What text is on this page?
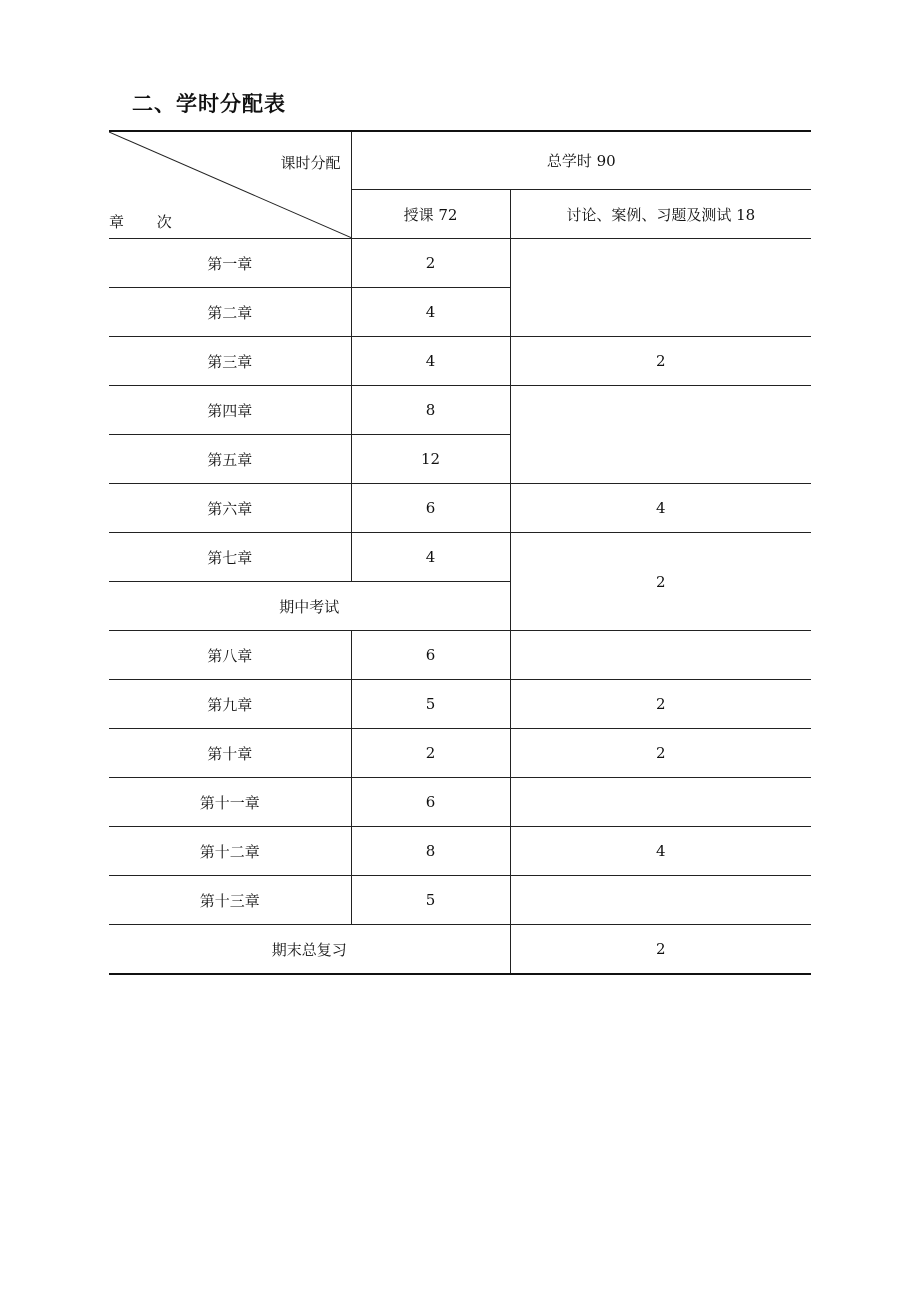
二、学时分配表
课时分配
章 次	总学时 90	
	授课 72	讨论、案例、习题及测试 18
第一章	2	
第二章	4	
第三章	4	2
第四章	8	
第五章	12	
第六章	6	4
第七章	4	2
期中考试		
第八章	6	
第九章	5	2
第十章	2	2
第十一章	6	
第十二章	8	4
第十三章	5	
期末总复习		2
